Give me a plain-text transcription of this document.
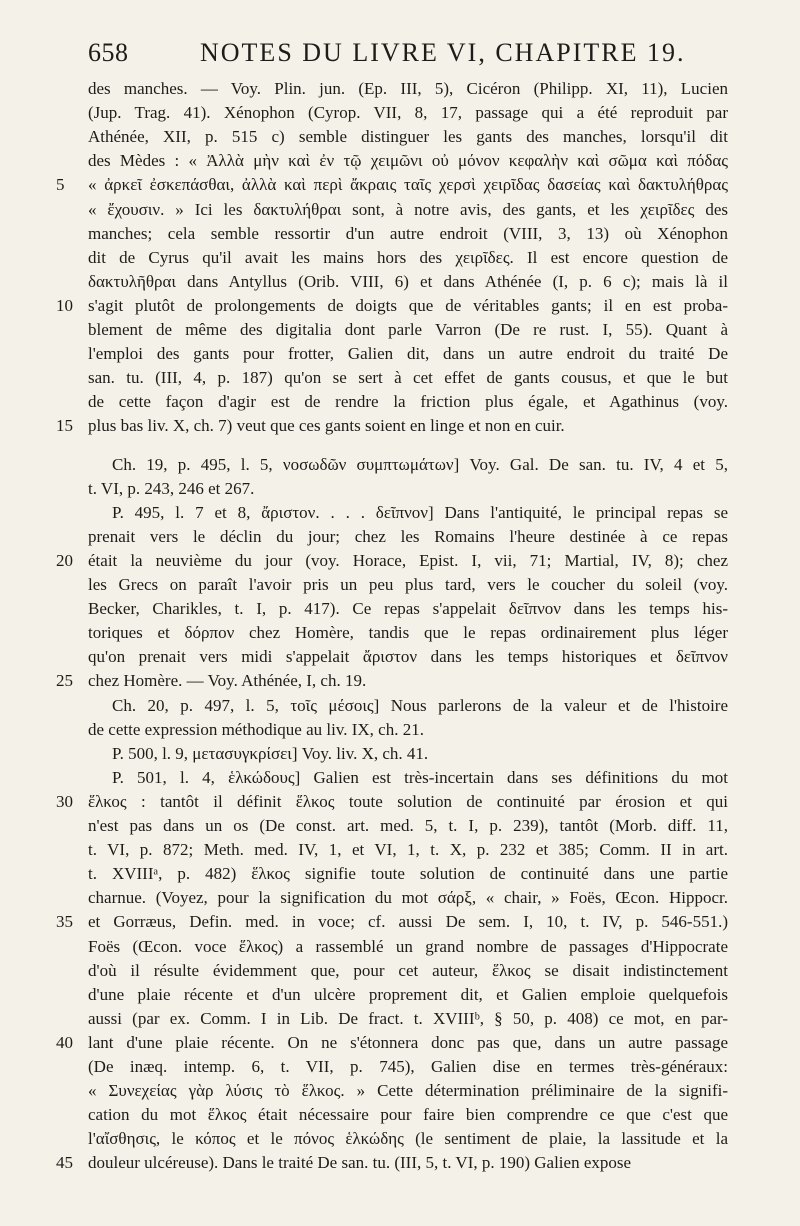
658	NOTES DU LIVRE VI, CHAPITRE 19.
des manches. — Voy. Plin. jun. (Ep. III, 5), Cicéron (Philipp. XI, 11), Lucien
(Jup. Trag. 41). Xénophon (Cyrop. VII, 8, 17, passage qui a été reproduit par
Athénée, XII, p. 515 c) semble distinguer les gants des manches, lorsqu'il dit
des Mèdes : « Ἀλλὰ μὴν καὶ ἐν τῷ χειμῶνι οὐ μόνον κεφαλὴν καὶ σῶμα καὶ πόδας
« ἀρκεῖ ἐσκεπάσθαι, ἀλλὰ καὶ περὶ ἄκραις ταῖς χερσὶ χειρῖδας δασείας καὶ δακτυλήθρας
5
« ἔχουσιν. » Ici les δακτυλήθραι sont, à notre avis, des gants, et les χειρῖδες des
manches; cela semble ressortir d'un autre endroit (VIII, 3, 13) où Xénophon
dit de Cyrus qu'il avait les mains hors des χειρῖδες. Il est encore question de
δακτυλῆθραι dans Antyllus (Orib. VIII, 6) et dans Athénée (I, p. 6 c); mais là il
s'agit plutôt de prolongements de doigts que de véritables gants; il en est proba-
10
blement de même des digitalia dont parle Varron (De re rust. I, 55). Quant à
l'emploi des gants pour frotter, Galien dit, dans un autre endroit du traité De
san. tu. (III, 4, p. 187) qu'on se sert à cet effet de gants cousus, et que le but
de cette façon d'agir est de rendre la friction plus égale, et Agathinus (voy.
plus bas liv. X, ch. 7) veut que ces gants soient en linge et non en cuir.
15
Ch. 19, p. 495, l. 5, νοσωδῶν συμπτωμάτων] Voy. Gal. De san. tu. IV, 4 et 5,
t. VI, p. 243, 246 et 267.
P. 495, l. 7 et 8, ἄριστον. . . . δεῖπνον] Dans l'antiquité, le principal repas se
prenait vers le déclin du jour; chez les Romains l'heure destinée à ce repas
était la neuvième du jour (voy. Horace, Epist. I, vii, 71; Martial, IV, 8); chez
20
les Grecs on paraît l'avoir pris un peu plus tard, vers le coucher du soleil (voy.
Becker, Charikles, t. I, p. 417). Ce repas s'appelait δεῖπνον dans les temps his-
toriques et δόρπον chez Homère, tandis que le repas ordinairement plus léger
qu'on prenait vers midi s'appelait ἄριστον dans les temps historiques et δεῖπνον
chez Homère. — Voy. Athénée, I, ch. 19.
25
Ch. 20, p. 497, l. 5, τοῖς μέσοις] Nous parlerons de la valeur et de l'histoire
de cette expression méthodique au liv. IX, ch. 21.
P. 500, l. 9, μετασυγκρίσει] Voy. liv. X, ch. 41.
P. 501, l. 4, ἑλκώδους] Galien est très-incertain dans ses définitions du mot
ἕλκος : tantôt il définit ἕλκος toute solution de continuité par érosion et qui
30
n'est pas dans un os (De const. art. med. 5, t. I, p. 239), tantôt (Morb. diff. 11,
t. VI, p. 872; Meth. med. IV, 1, et VI, 1, t. X, p. 232 et 385; Comm. II in art.
t. XVIIIᵃ, p. 482) ἕλκος signifie toute solution de continuité dans une partie
charnue. (Voyez, pour la signification du mot σάρξ, « chair, » Foës, Œcon. Hippocr.
et Gorræus, Defin. med. in voce; cf. aussi De sem. I, 10, t. IV, p. 546-551.)
35
Foës (Œcon. voce ἕλκος) a rassemblé un grand nombre de passages d'Hippocrate
d'où il résulte évidemment que, pour cet auteur, ἕλκος se disait indistinctement
d'une plaie récente et d'un ulcère proprement dit, et Galien emploie quelquefois
aussi (par ex. Comm. I in Lib. De fract. t. XVIIIᵇ, § 50, p. 408) ce mot, en par-
lant d'une plaie récente. On ne s'étonnera donc pas que, dans un autre passage
40
(De inæq. intemp. 6, t. VII, p. 745), Galien dise en termes très-généraux:
« Συνεχείας γὰρ λύσις τὸ ἕλκος. » Cette détermination préliminaire de la signifi-
cation du mot ἕλκος était nécessaire pour faire bien comprendre ce que c'est que
l'αἴσθησις, le κόπος et le πόνος ἑλκώδης (le sentiment de plaie, la lassitude et la
douleur ulcéreuse). Dans le traité De san. tu. (III, 5, t. VI, p. 190) Galien expose
45
